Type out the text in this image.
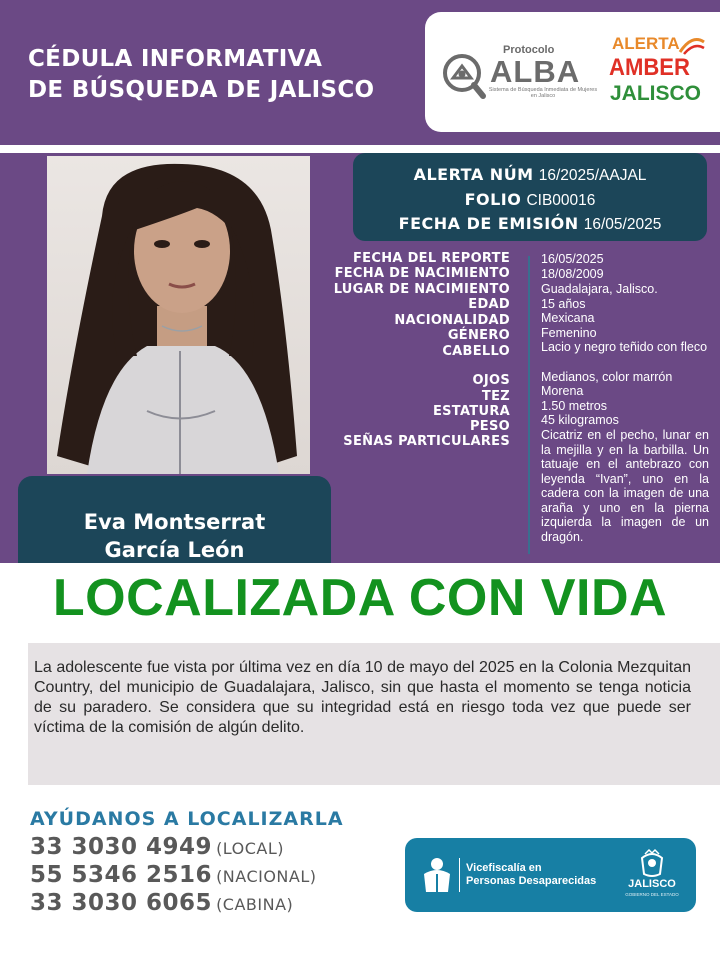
CÉDULA INFORMATIVA
DE BÚSQUEDA DE JALISCO
Protocolo
ALBA
Sistema de Búsqueda Inmediata de Mujeres en Jalisco
ALERTA
AMBER
JALISCO
Eva Montserrat
García León
ALERTA NÚM 16/2025/AAJAL
FOLIO CIB00016
FECHA DE EMISIÓN 16/05/2025
FECHA DEL REPORTE
FECHA DE NACIMIENTO
LUGAR DE NACIMIENTO
EDAD
NACIONALIDAD
GÉNERO
CABELLO
OJOS
TEZ
ESTATURA
PESO
SEÑAS PARTICULARES
16/05/2025
18/08/2009
Guadalajara, Jalisco.
15 años
Mexicana
Femenino
Lacio y negro teñido con fleco
Medianos, color marrón
Morena
1.50 metros
45 kilogramos
Cicatriz en el pecho, lunar en la mejilla y en la barbilla. Un tatuaje en el antebrazo con leyenda “Ivan”, uno en la cadera con la imagen de una araña y uno en la pierna izquierda la imagen de un dragón.
LOCALIZADA CON VIDA
La adolescente fue vista por última vez en día 10 de mayo del 2025 en la Colonia Mezquitan Country, del municipio de Guadalajara, Jalisco, sin que hasta el momento se tenga noticia de su paradero. Se considera que su integridad está en riesgo toda vez que puede ser víctima de la comisión de algún delito.
AYÚDANOS A LOCALIZARLA
33 3030 4949 (LOCAL)
55 5346 2516 (NACIONAL)
33 3030 6065 (CABINA)
Vicefiscalía en
Personas Desaparecidas	JALISCO
GOBIERNO DEL ESTADO
